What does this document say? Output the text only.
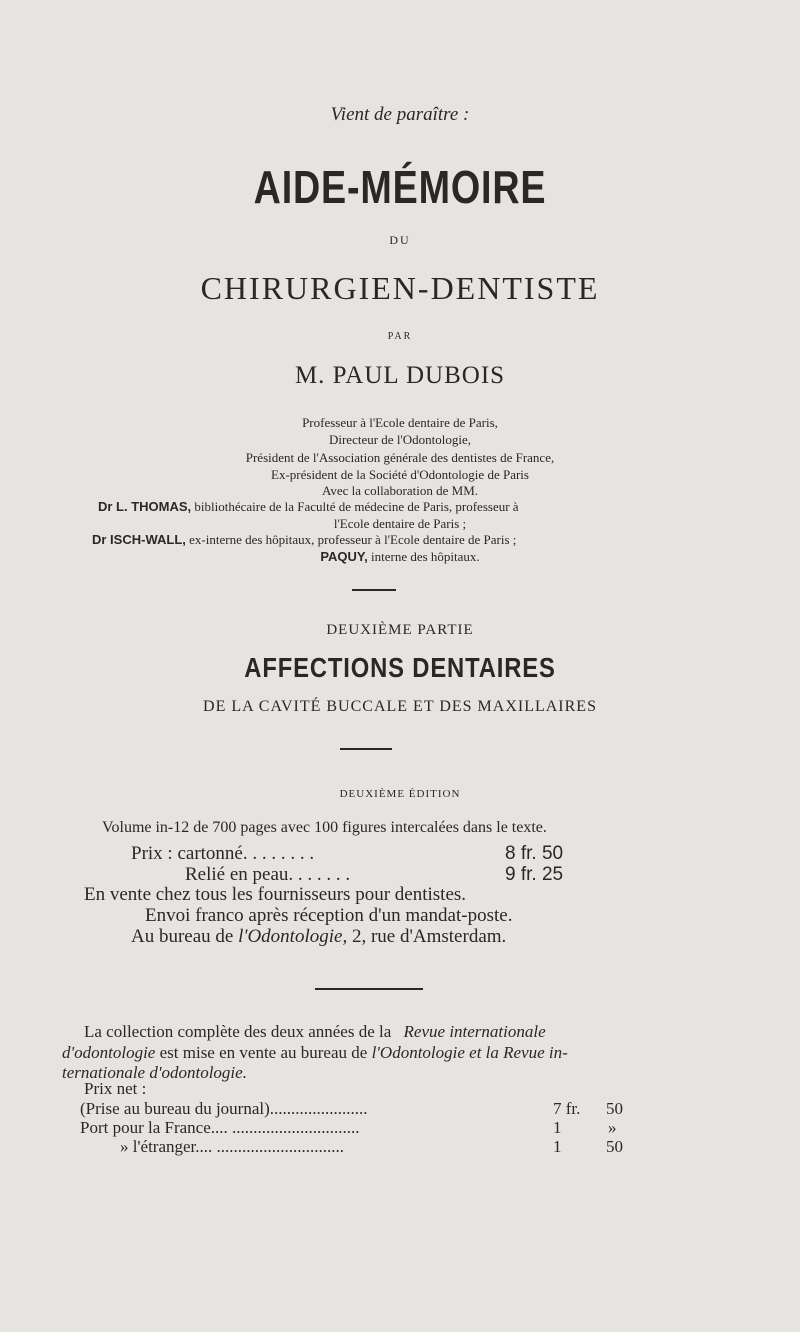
Vient de paraître :
AIDE-MÉMOIRE
DU
CHIRURGIEN-DENTISTE
PAR
M. PAUL DUBOIS
Professeur à l'Ecole dentaire de Paris,
Directeur de l'Odontologie,
Président de l'Association générale des dentistes de France,
Ex-président de la Société d'Odontologie de Paris
Avec la collaboration de MM.
Dr L. THOMAS, bibliothécaire de la Faculté de médecine de Paris, professeur à
l'Ecole dentaire de Paris ;
Dr ISCH-WALL, ex-interne des hôpitaux, professeur à l'Ecole dentaire de Paris ;
PAQUY, interne des hôpitaux.
DEUXIÈME PARTIE
AFFECTIONS DENTAIRES
DE LA CAVITÉ BUCCALE ET DES MAXILLAIRES
DEUXIÈME ÉDITION
Volume in-12 de 700 pages avec 100 figures intercalées dans le texte.
Prix : cartonné. . . . . . . .	8 fr. 50
Relié en peau. . . . . . .	9 fr. 25
En vente chez tous les fournisseurs pour dentistes.
Envoi franco après réception d'un mandat-poste.
Au bureau de l'Odontologie, 2, rue d'Amsterdam.
La collection complète des deux années de la Revue internationale
d'odontologie est mise en vente au bureau de l'Odontologie et la Revue in-
ternationale d'odontologie.
Prix net :
(Prise au bureau du journal).......................	7 fr. 50
Port pour la France.... ..............................	1	»
» l'étranger.... ..............................	1	50
